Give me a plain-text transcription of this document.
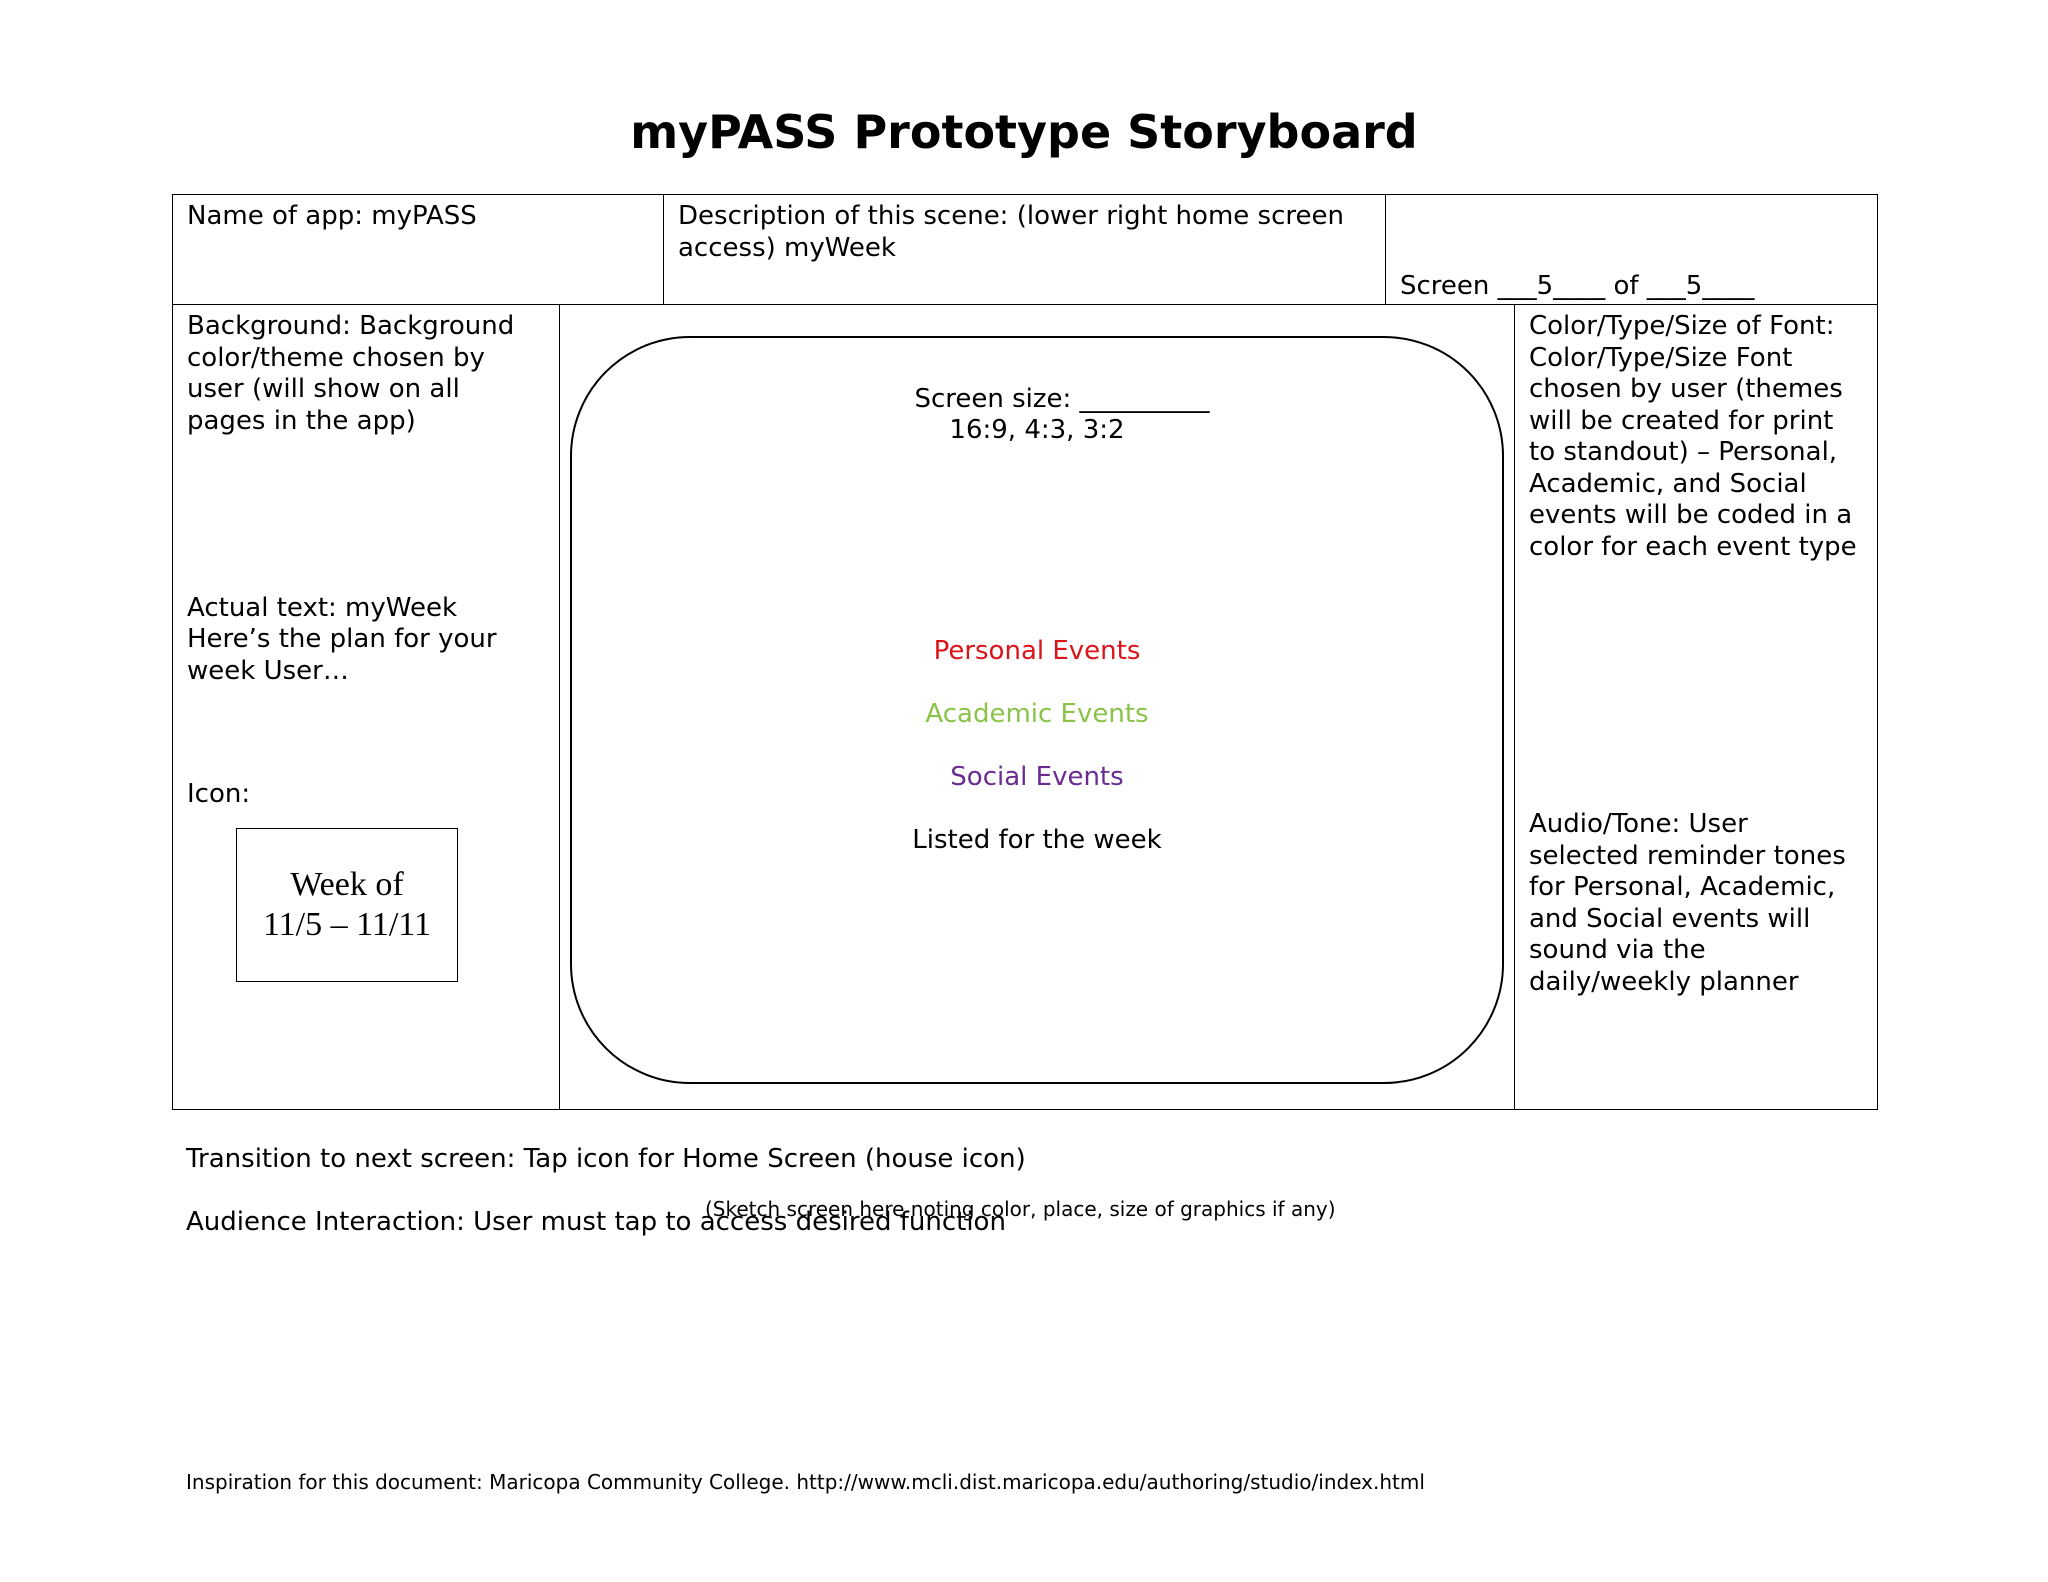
myPASS Prototype Storyboard
Name of app: myPASS	Description of this scene: (lower right home screen access) myWeek
Screen ___5____ of ___5____
Background: Background color/theme chosen by user (will show on all pages in the app)
Actual text: myWeek
Here’s the plan for your week User…
Icon:
Week of
11/5 – 11/11
Screen size: __________
16:9, 4:3, 3:2
Personal Events
Academic Events
Social Events
Listed for the week
Color/Type/Size of Font: Color/Type/Size Font chosen by user (themes will be created for print to standout) – Personal, Academic, and Social events will be coded in a color for each event type
Audio/Tone: User selected reminder tones for Personal, Academic, and Social events will sound via the daily/weekly planner
Transition to next screen: Tap icon for Home Screen (house icon)
Audience Interaction: User must tap to access desired function
(Sketch screen here noting color, place, size of graphics if any)
Inspiration for this document: Maricopa Community College. http://www.mcli.dist.maricopa.edu/authoring/studio/index.html
